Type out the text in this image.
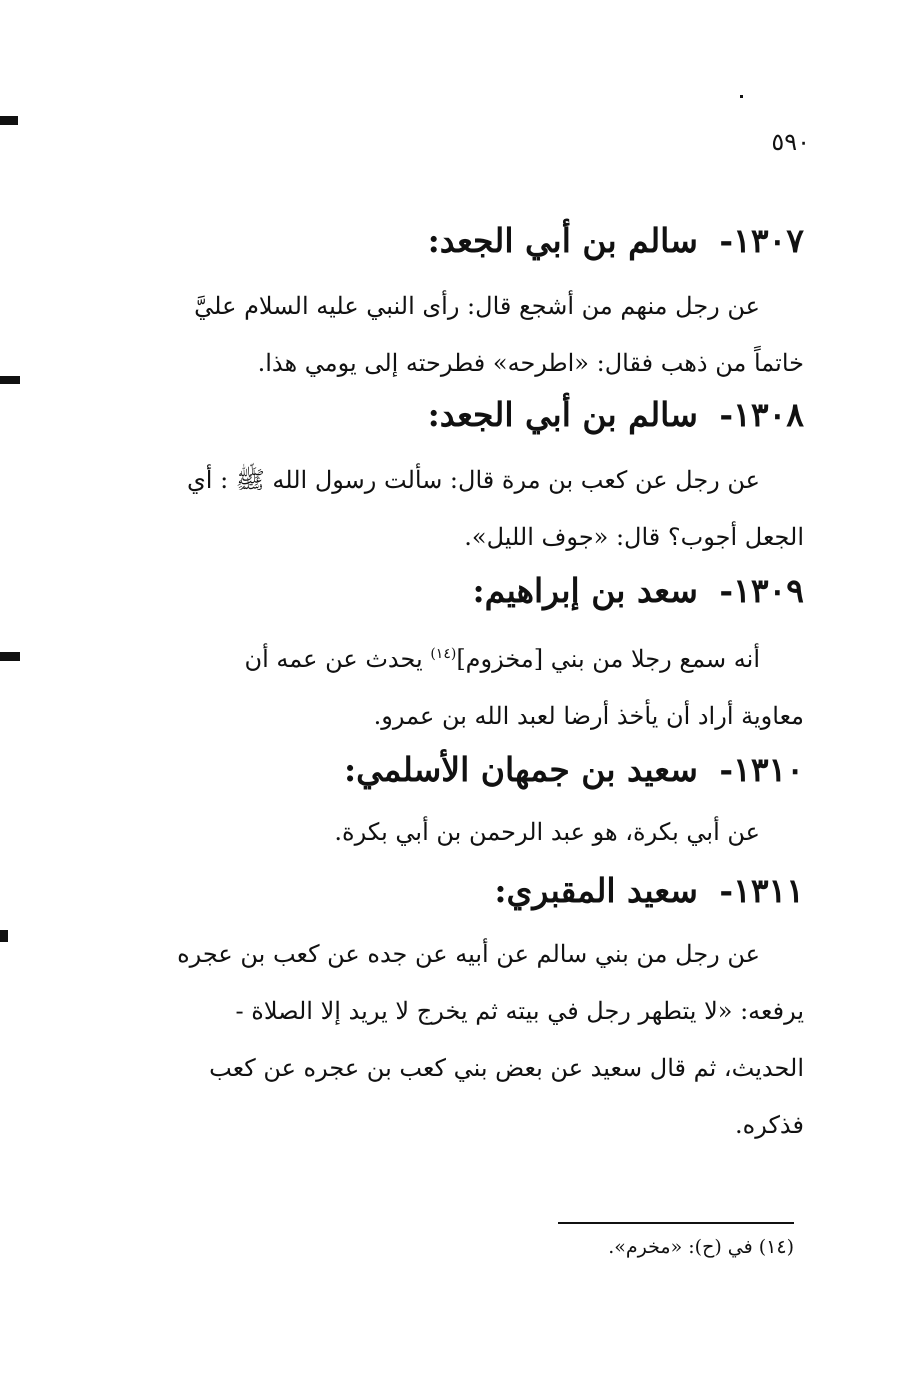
٥٩٠
١٣٠٧- سالم بن أبي الجعد:
عن رجل منهم من أشجع قال: رأى النبي عليه السلام عليَّ
خاتماً من ذهب فقال: «اطرحه» فطرحته إلى يومي هذا.
١٣٠٨- سالم بن أبي الجعد:
عن رجل عن كعب بن مرة قال: سألت رسول الله ﷺ : أي
الجعل أجوب؟ قال: «جوف الليل».
١٣٠٩- سعد بن إبراهيم:
أنه سمع رجلا من بني [مخزوم]$^{(١٤)}$ يحدث عن عمه أن
معاوية أراد أن يأخذ أرضا لعبد الله بن عمرو.
١٣١٠- سعيد بن جمهان الأسلمي:
عن أبي بكرة، هو عبد الرحمن بن أبي بكرة.
١٣١١- سعيد المقبري:
عن رجل من بني سالم عن أبيه عن جده عن كعب بن عجره
يرفعه: «لا يتطهر رجل في بيته ثم يخرج لا يريد إلا الصلاة -
الحديث، ثم قال سعيد عن بعض بني كعب بن عجره عن كعب
فذكره.
(١٤) في (ح): «مخرم».
